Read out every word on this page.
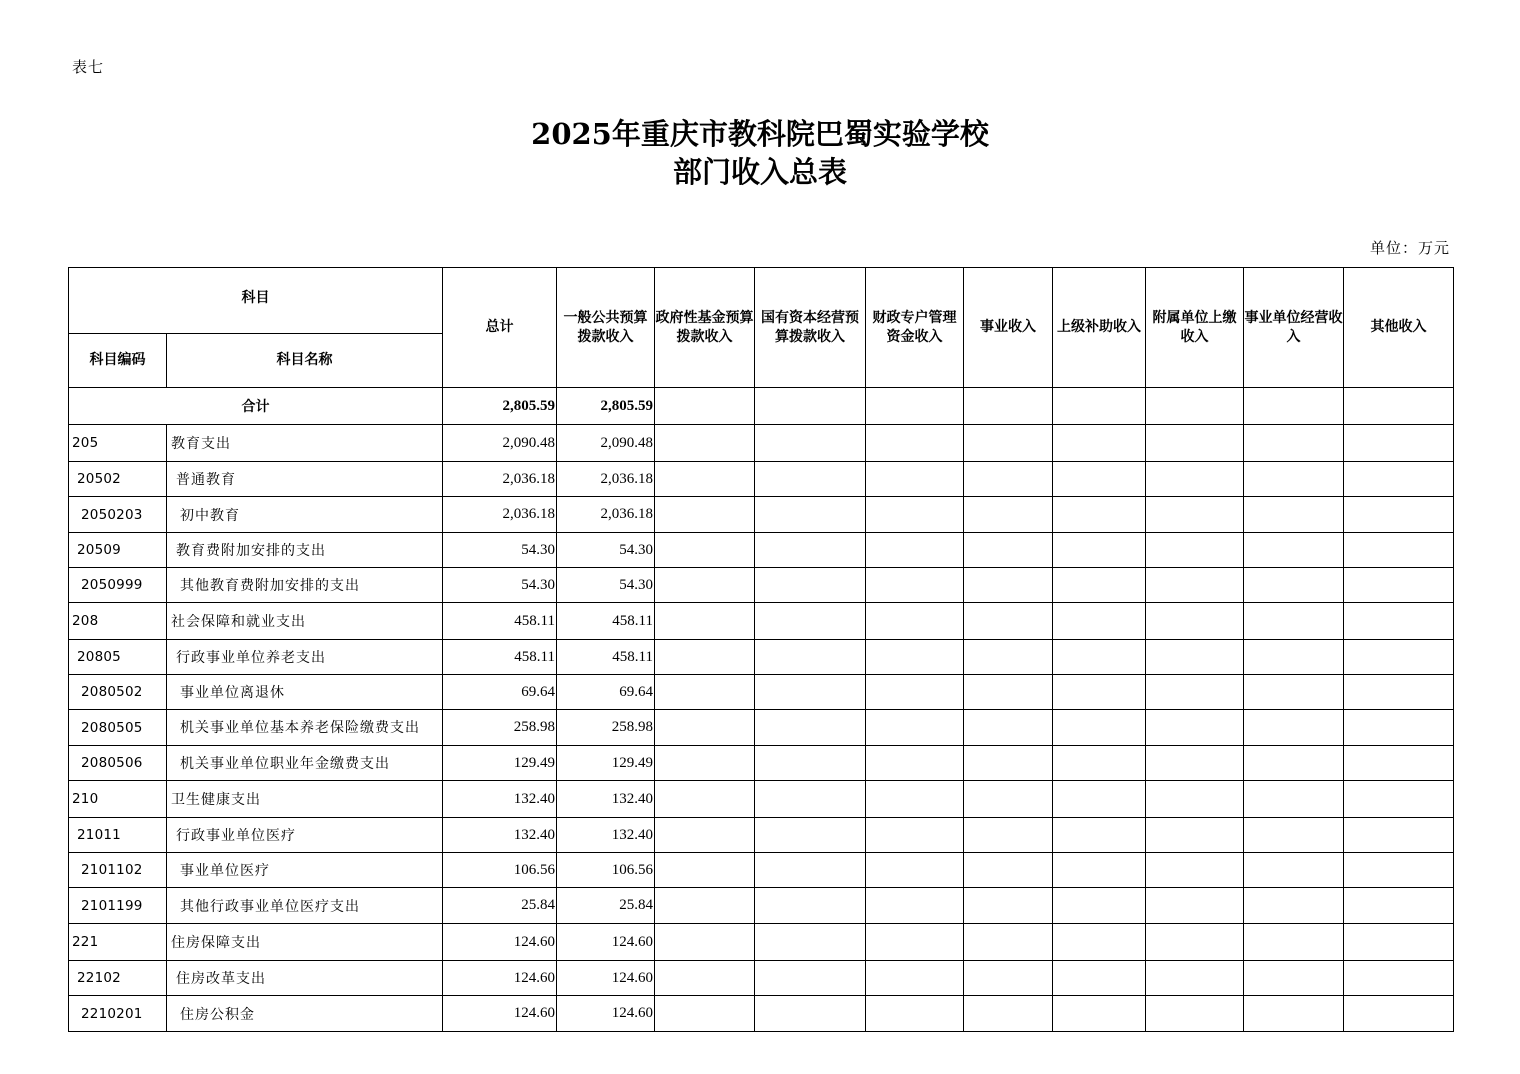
表七
2025年重庆市教科院巴蜀实验学校
部门收入总表
单位：万元
科目		总计	一般公共预算拨款收入	政府性基金预算拨款收入	国有资本经营预算拨款收入	财政专户管理资金收入	事业收入	上级补助收入	附属单位上缴收入	事业单位经营收入	其他收入
科目编码	科目名称										
合计		2,805.59	2,805.59								
205	教育支出	2,090.48	2,090.48								
20502	普通教育	2,036.18	2,036.18								
2050203	初中教育	2,036.18	2,036.18								
20509	教育费附加安排的支出	54.30	54.30								
2050999	其他教育费附加安排的支出	54.30	54.30								
208	社会保障和就业支出	458.11	458.11								
20805	行政事业单位养老支出	458.11	458.11								
2080502	事业单位离退休	69.64	69.64								
2080505	机关事业单位基本养老保险缴费支出	258.98	258.98								
2080506	机关事业单位职业年金缴费支出	129.49	129.49								
210	卫生健康支出	132.40	132.40								
21011	行政事业单位医疗	132.40	132.40								
2101102	事业单位医疗	106.56	106.56								
2101199	其他行政事业单位医疗支出	25.84	25.84								
221	住房保障支出	124.60	124.60								
22102	住房改革支出	124.60	124.60								
2210201	住房公积金	124.60	124.60								
